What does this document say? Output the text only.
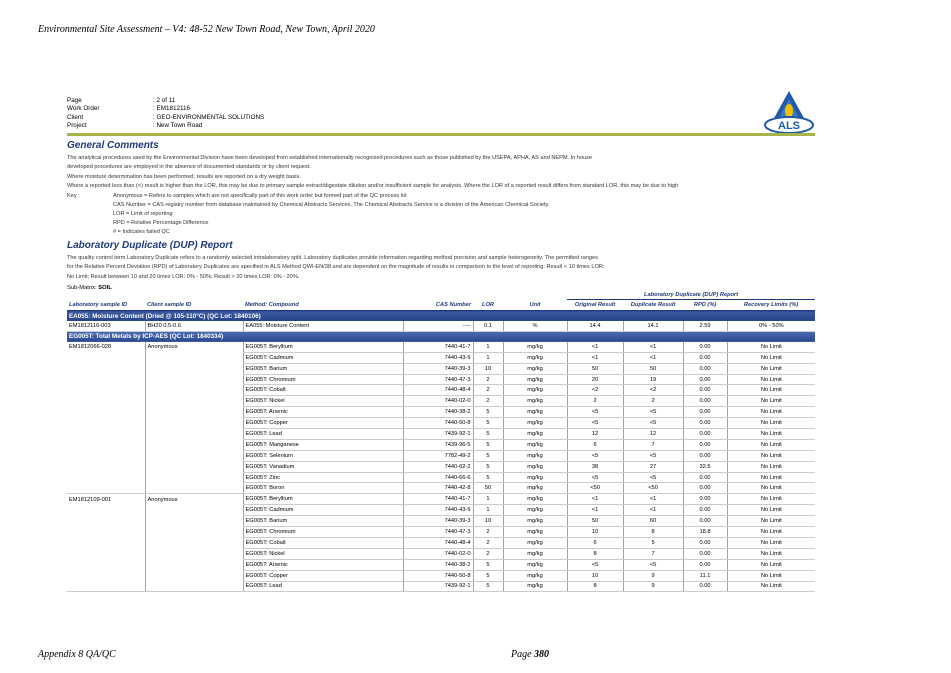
Environmental Site Assessment – V4: 48-52 New Town Road, New Town, April 2020
ALS
Page	: 2 of 11
Work Order	: EM1812116
Client	: GEO-ENVIRONMENTAL SOLUTIONS
Project	: New Town Road
General Comments
The analytical procedures used by the Environmental Division have been developed from established internationally recognized procedures such as those published by the USEPA, APHA, AS and NEPM. In house
developed procedures are employed in the absence of documented standards or by client request.
Where moisture determination has been performed, results are reported on a dry weight basis.
Where a reported less than (<) result is higher than the LOR, this may be due to primary sample extract/digestate dilution and/or insufficient sample for analysis. Where the LOR of a reported result differs from standard LOR, this may be due to high
Key :	Anonymous = Refers to samples which are not specifically part of this work order but formed part of the QC process lot
CAS Number = CAS registry number from database maintained by Chemical Abstracts Services. The Chemical Abstracts Service is a division of the American Chemical Society.
LOR = Limit of reporting
RPD = Relative Percentage Difference
# = Indicates failed QC
Laboratory Duplicate (DUP) Report
The quality control term Laboratory Duplicate refers to a randomly selected intralaboratory split. Laboratory duplicates provide information regarding method precision and sample heterogeneity. The permitted ranges
for the Relative Percent Deviation (RPD) of Laboratory Duplicates are specified in ALS Method QWI-EN/38 and are dependent on the magnitude of results in comparison to the level of reporting: Result < 10 times LOR:
No Limit; Result between 10 and 20 times LOR: 0% - 50%; Result > 20 times LOR: 0% - 20%.
Sub-Matrix: SOIL
						Laboratory Duplicate (DUP) Report			
Laboratory sample ID	Client sample ID	Method: Compound	CAS Number	LOR	Unit	Original Result	Duplicate Result	RPD (%)	Recovery Limits (%)
EA055: Moisture Content (Dried @ 105-110°C) (QC Lot: 1840106)									
EM1812116-003	BH20 0.5-0.6	EA055: Moisture Content	----	0.1	%	14.4	14.1	2.59	0% - 50%
EG005T: Total Metals by ICP-AES (QC Lot: 1840334)									
EM1812066-028	Anonymous	EG005T: Beryllium	7440-41-7	1	mg/kg	<1	<1	0.00	No Limit
		EG005T: Cadmium	7440-43-9	1	mg/kg	<1	<1	0.00	No Limit
		EG005T: Barium	7440-39-3	10	mg/kg	50	50	0.00	No Limit
		EG005T: Chromium	7440-47-3	2	mg/kg	20	19	0.00	No Limit
		EG005T: Cobalt	7440-48-4	2	mg/kg	<2	<2	0.00	No Limit
		EG005T: Nickel	7440-02-0	2	mg/kg	2	2	0.00	No Limit
		EG005T: Arsenic	7440-38-2	5	mg/kg	<5	<5	0.00	No Limit
		EG005T: Copper	7440-50-8	5	mg/kg	<5	<5	0.00	No Limit
		EG005T: Lead	7439-92-1	5	mg/kg	12	12	0.00	No Limit
		EG005T: Manganese	7439-96-5	5	mg/kg	6	7	0.00	No Limit
		EG005T: Selenium	7782-49-2	5	mg/kg	<5	<5	0.00	No Limit
		EG005T: Vanadium	7440-62-2	5	mg/kg	38	27	32.5	No Limit
		EG005T: Zinc	7440-66-6	5	mg/kg	<5	<5	0.00	No Limit
		EG005T: Boron	7440-42-8	50	mg/kg	<50	<50	0.00	No Limit
EM1812109-001	Anonymous	EG005T: Beryllium	7440-41-7	1	mg/kg	<1	<1	0.00	No Limit
		EG005T: Cadmium	7440-43-9	1	mg/kg	<1	<1	0.00	No Limit
		EG005T: Barium	7440-39-3	10	mg/kg	50	60	0.00	No Limit
		EG005T: Chromium	7440-47-3	2	mg/kg	10	8	18.8	No Limit
		EG005T: Cobalt	7440-48-4	2	mg/kg	6	5	0.00	No Limit
		EG005T: Nickel	7440-02-0	2	mg/kg	8	7	0.00	No Limit
		EG005T: Arsenic	7440-38-2	5	mg/kg	<5	<5	0.00	No Limit
		EG005T: Copper	7440-50-8	5	mg/kg	10	9	11.1	No Limit
		EG005T: Lead	7439-92-1	5	mg/kg	8	9	0.00	No Limit
Appendix 8 QA/QC	Page 380
